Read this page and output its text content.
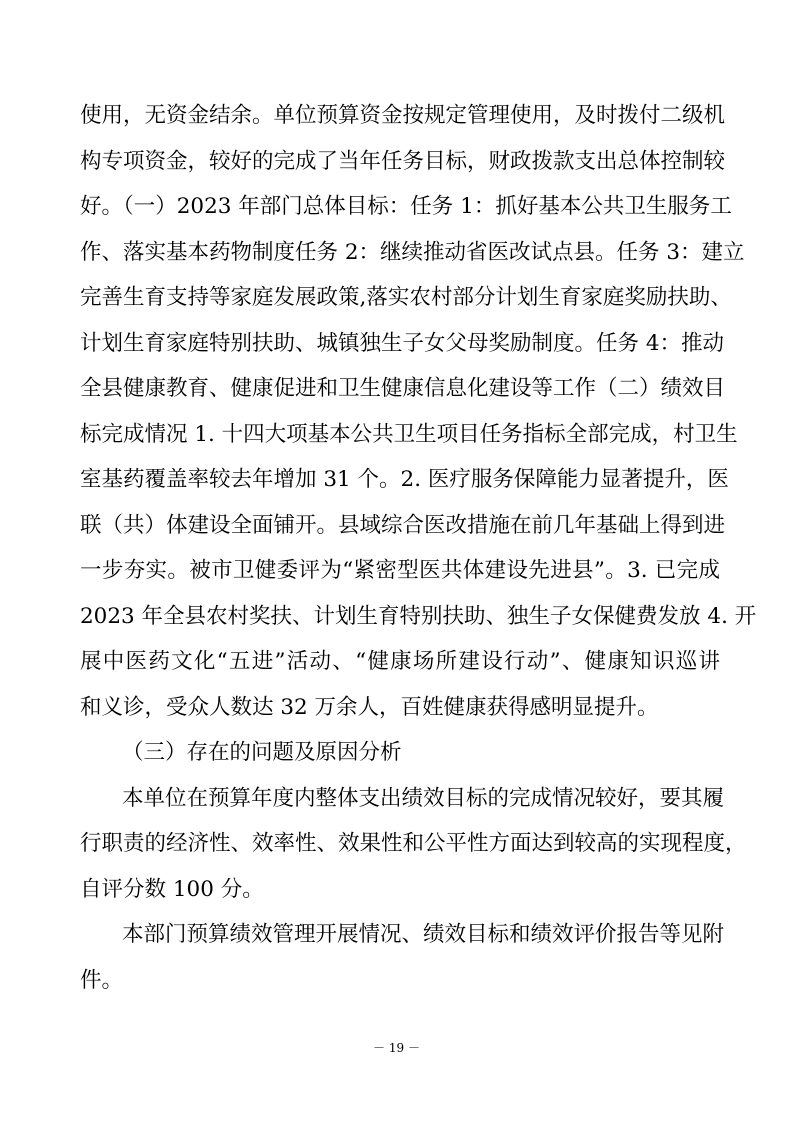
使用，无资金结余。单位预算资金按规定管理使用，及时拨付二级机
构专项资金，较好的完成了当年任务目标，财政拨款支出总体控制较
好。（一）2023 年部门总体目标：任务 1：抓好基本公共卫生服务工
作、落实基本药物制度任务 2：继续推动省医改试点县。任务 3：建立
完善生育支持等家庭发展政策,落实农村部分计划生育家庭奖励扶助、
计划生育家庭特别扶助、城镇独生子女父母奖励制度。任务 4：推动
全县健康教育、健康促进和卫生健康信息化建设等工作（二）绩效目
标完成情况 1. 十四大项基本公共卫生项目任务指标全部完成，村卫生
室基药覆盖率较去年增加 31 个。2. 医疗服务保障能力显著提升，医
联（共）体建设全面铺开。县域综合医改措施在前几年基础上得到进
一步夯实。被市卫健委评为“紧密型医共体建设先进县”。3. 已完成
2023 年全县农村奖扶、计划生育特别扶助、独生子女保健费发放 4. 开
展中医药文化“五进”活动、“健康场所建设行动”、健康知识巡讲
和义诊，受众人数达 32 万余人，百姓健康获得感明显提升。
（三）存在的问题及原因分析
本单位在预算年度内整体支出绩效目标的完成情况较好，要其履
行职责的经济性、效率性、效果性和公平性方面达到较高的实现程度，
自评分数 100 分。
本部门预算绩效管理开展情况、绩效目标和绩效评价报告等见附
件。
－ 19 －
